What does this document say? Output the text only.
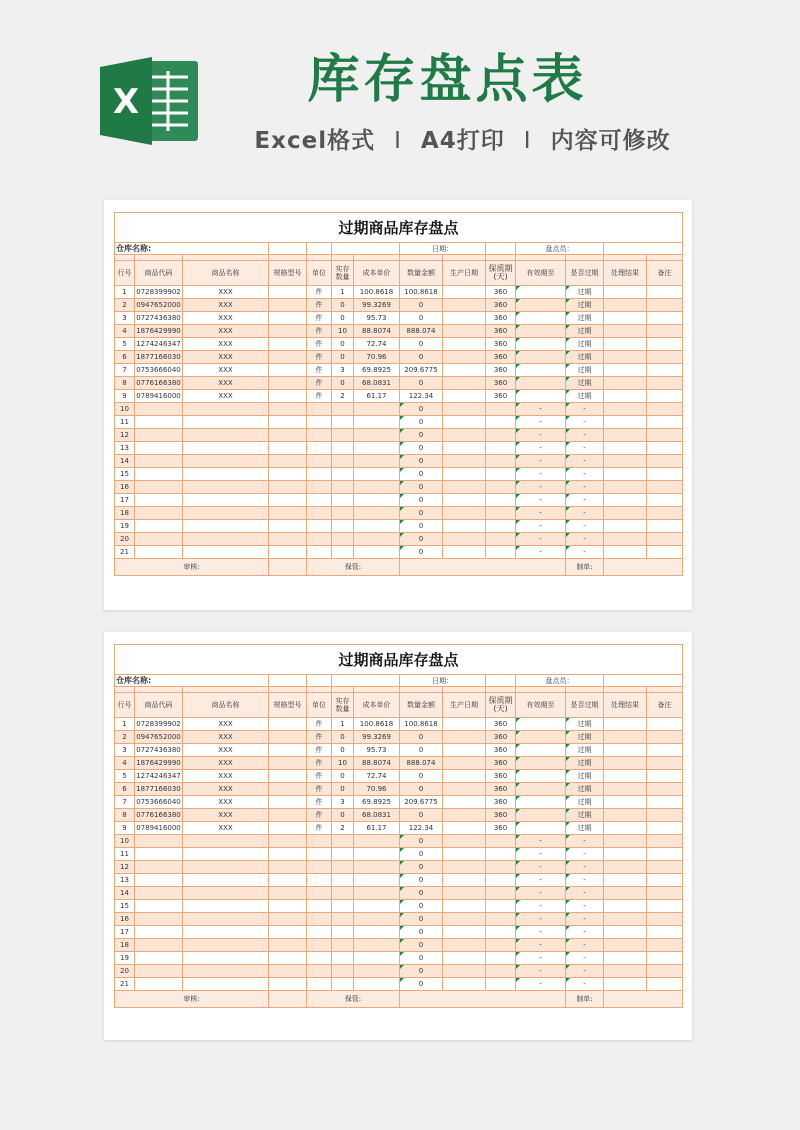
X	库存盘点表
Excel格式 I A4打印 I 内容可修改
过期商品库存盘点													
仓库名称:							日期：			盘点员：			

行号	商品代码	商品名称	规格型号	单位	实存数量	成本单价	数量金额	生产日期	保质期(天)	有效期至	是否过期	处理结果	备注
1	0728399902	XXX		件	1	100.8618	100.8618		360		过期		
2	0947652000	XXX		件	0	99.3269	0		360		过期		
3	0727436380	XXX		件	0	95.73	0		360		过期		
4	1876429990	XXX		件	10	88.8074	888.074		360		过期		
5	1274246347	XXX		件	0	72.74	0		360		过期		
6	1877166030	XXX		件	0	70.96	0		360		过期		
7	0753666040	XXX		件	3	69.8925	209.6775		360		过期		
8	0776166380	XXX		件	0	68.0831	0		360		过期		
9	0789416000	XXX		件	2	61.17	122.34		360		过期		
10							0			-	-		
11							0			-	-		
12							0			-	-		
13							0			-	-		
14							0			-	-		
15							0			-	-		
16							0			-	-		
17							0			-	-		
18							0			-	-		
19							0			-	-		
20							0			-	-		
21							0			-	-		
审核:				保管:							制单:		
过期商品库存盘点													
仓库名称:							日期：			盘点员：			

行号	商品代码	商品名称	规格型号	单位	实存数量	成本单价	数量金额	生产日期	保质期(天)	有效期至	是否过期	处理结果	备注
1	0728399902	XXX		件	1	100.8618	100.8618		360		过期		
2	0947652000	XXX		件	0	99.3269	0		360		过期		
3	0727436380	XXX		件	0	95.73	0		360		过期		
4	1876429990	XXX		件	10	88.8074	888.074		360		过期		
5	1274246347	XXX		件	0	72.74	0		360		过期		
6	1877166030	XXX		件	0	70.96	0		360		过期		
7	0753666040	XXX		件	3	69.8925	209.6775		360		过期		
8	0776166380	XXX		件	0	68.0831	0		360		过期		
9	0789416000	XXX		件	2	61.17	122.34		360		过期		
10							0			-	-		
11							0			-	-		
12							0			-	-		
13							0			-	-		
14							0			-	-		
15							0			-	-		
16							0			-	-		
17							0			-	-		
18							0			-	-		
19							0			-	-		
20							0			-	-		
21							0			-	-		
审核:				保管:							制单:		
